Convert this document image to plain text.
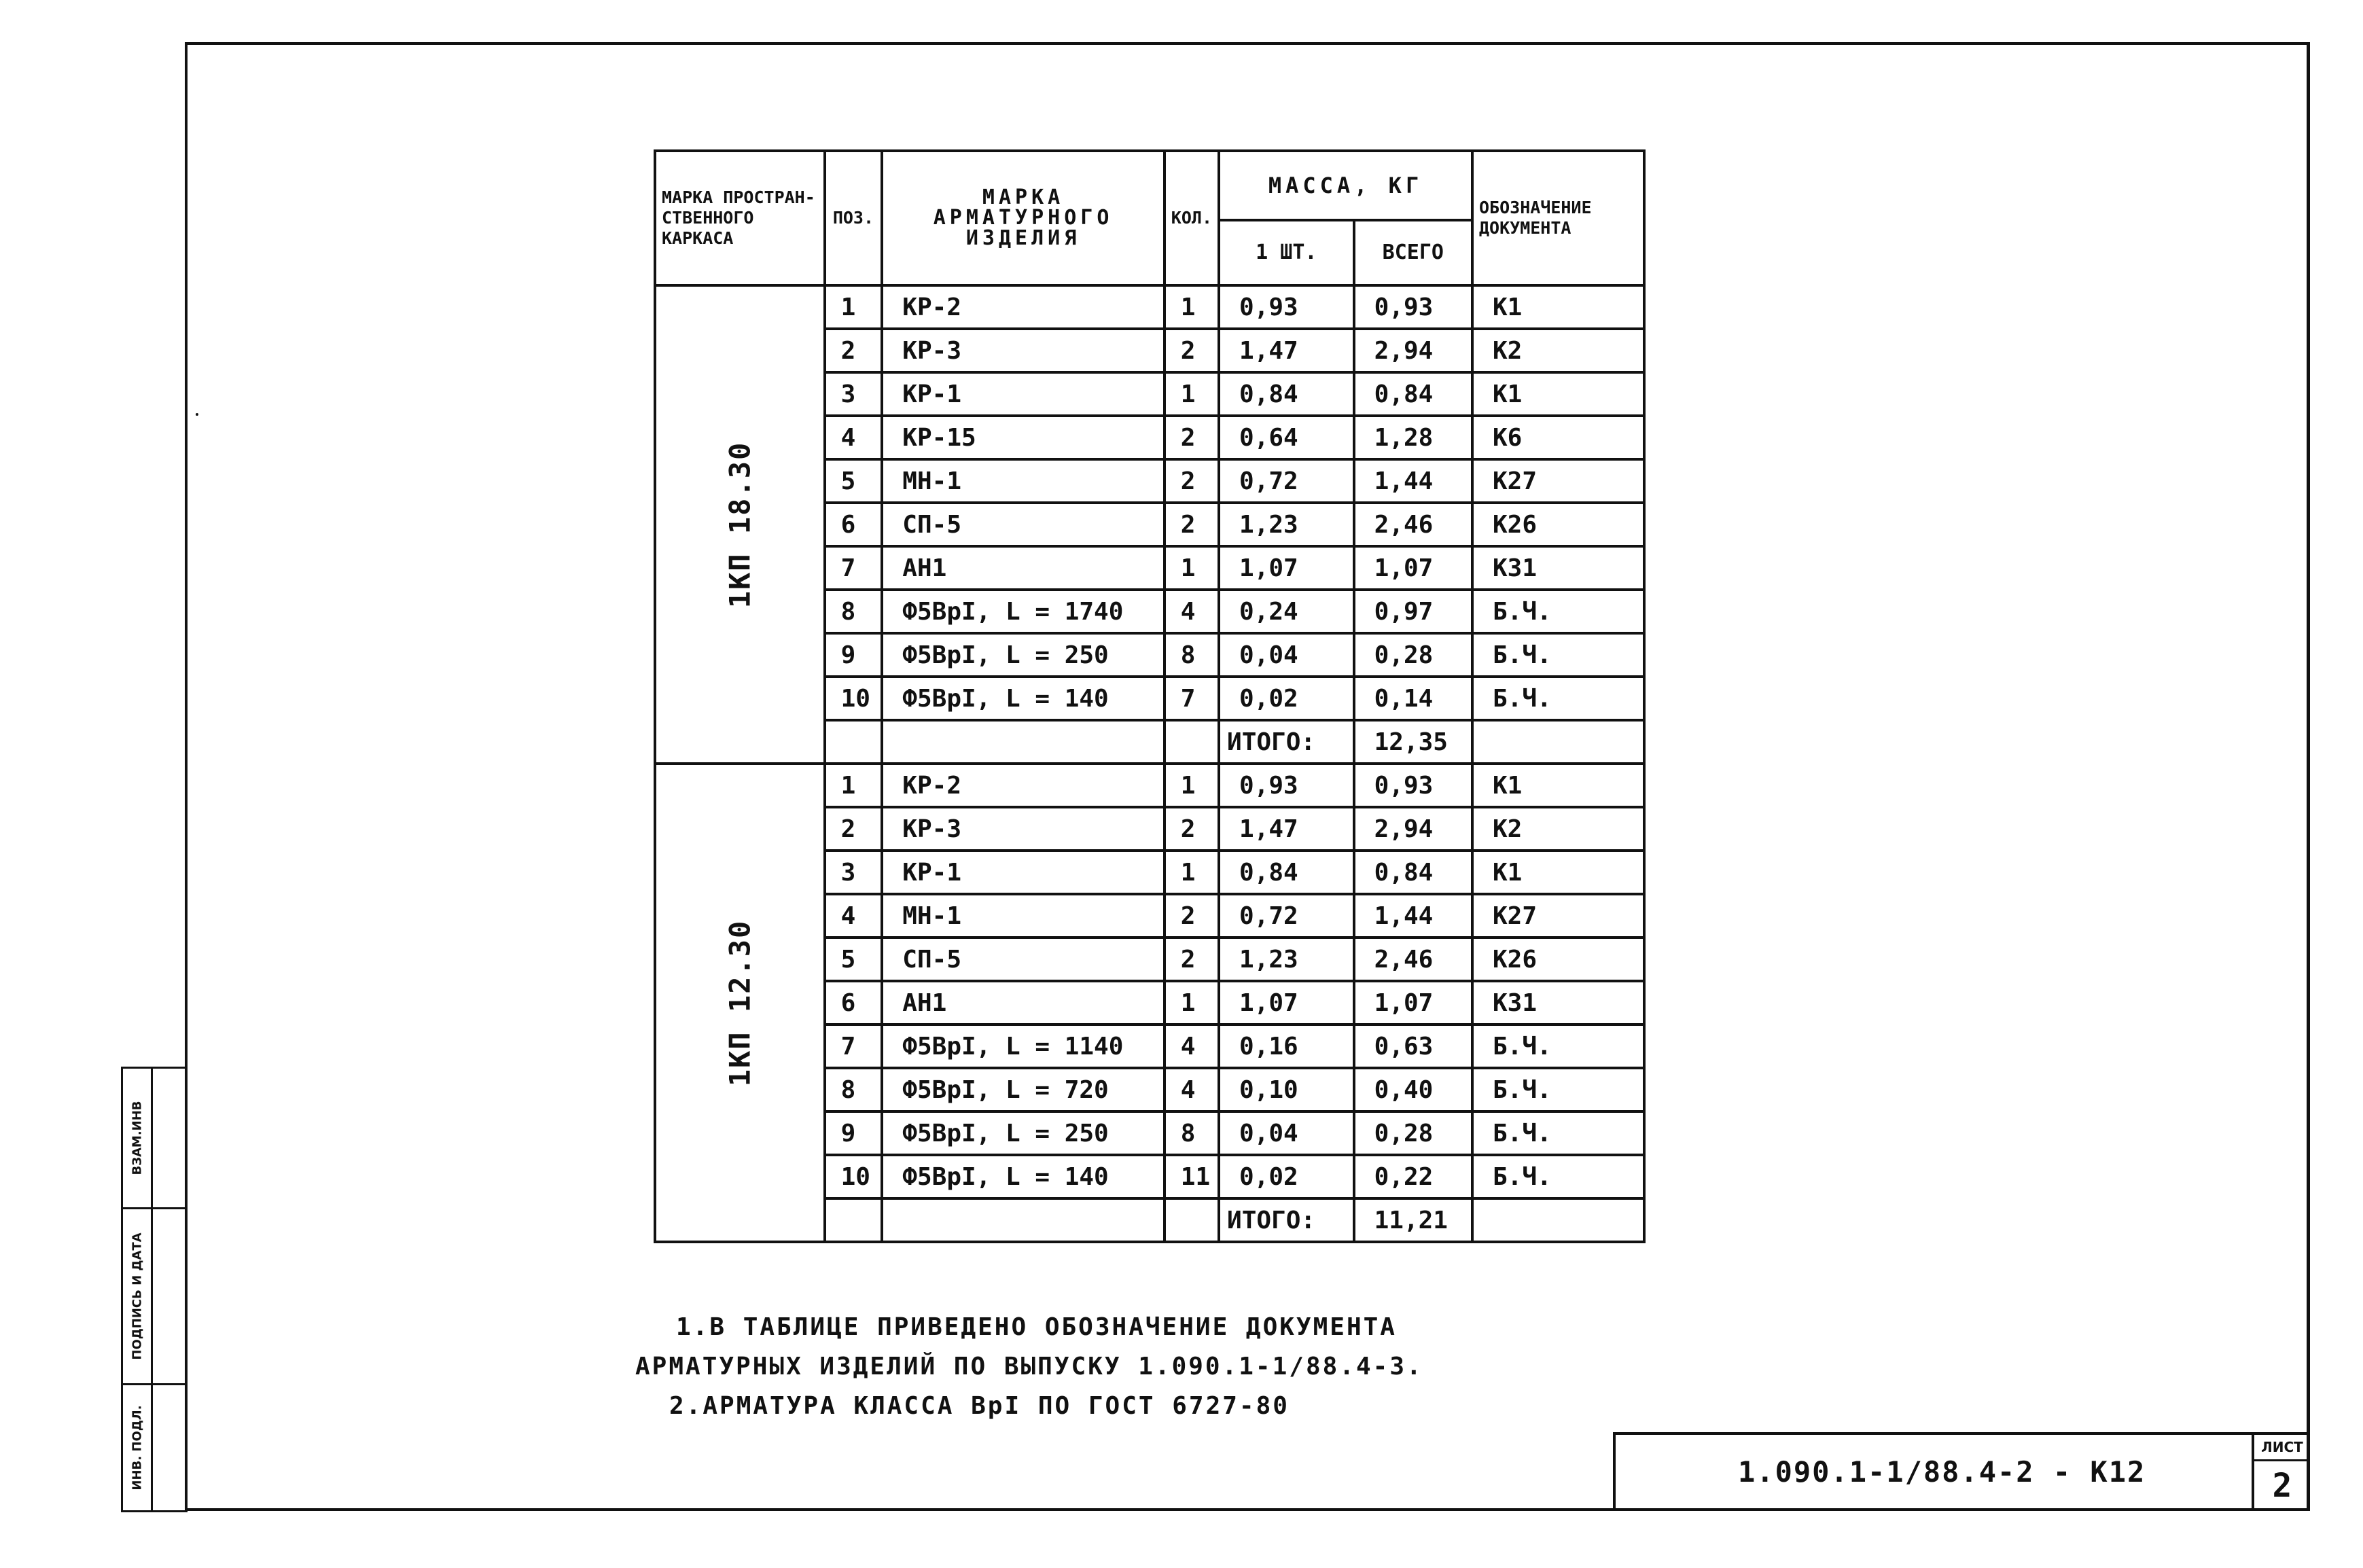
ВЗАМ.ИНВ
ПОДПИСЬ И ДАТА
ИНВ. ПОДЛ.
МАРКА ПРОСТРАН-СТВЕННОГО КАРКАСА	ПОЗ.	МАРКА АРМАТУРНОГО ИЗДЕЛИЯ	КОЛ.	МАССА, КГ		ОБОЗНАЧЕНИЕ ДОКУМЕНТА
				1 ШТ.	ВСЕГО	
1КП 18.30	1	КР-2	1	0,93	0,93	К1
	2	КР-3	2	1,47	2,94	К2
	3	КР-1	1	0,84	0,84	К1
	4	КР-15	2	0,64	1,28	К6
	5	МН-1	2	0,72	1,44	К27
	6	СП-5	2	1,23	2,46	К26
	7	АН1	1	1,07	1,07	К31
	8	Ф5ВрI, L = 1740	4	0,24	0,97	Б.Ч.
	9	Ф5ВрI, L = 250	8	0,04	0,28	Б.Ч.
	10	Ф5ВрI, L = 140	7	0,02	0,14	Б.Ч.
				ИТОГО:	12,35	
1КП 12.30	1	КР-2	1	0,93	0,93	К1
	2	КР-3	2	1,47	2,94	К2
	3	КР-1	1	0,84	0,84	К1
	4	МН-1	2	0,72	1,44	К27
	5	СП-5	2	1,23	2,46	К26
	6	АН1	1	1,07	1,07	К31
	7	Ф5ВрI, L = 1140	4	0,16	0,63	Б.Ч.
	8	Ф5ВрI, L = 720	4	0,10	0,40	Б.Ч.
	9	Ф5ВрI, L = 250	8	0,04	0,28	Б.Ч.
	10	Ф5ВрI, L = 140	11	0,02	0,22	Б.Ч.
				ИТОГО:	11,21	
1.В ТАБЛИЦЕ ПРИВЕДЕНО ОБОЗНАЧЕНИЕ ДОКУМЕНТА
АРМАТУРНЫХ ИЗДЕЛИЙ ПО ВЫПУСКУ 1.090.1-1/88.4-3.
2.АРМАТУРА КЛАССА ВрI ПО ГОСТ 6727-80
1.090.1-1/88.4-2 - К12
ЛИСТ
2
